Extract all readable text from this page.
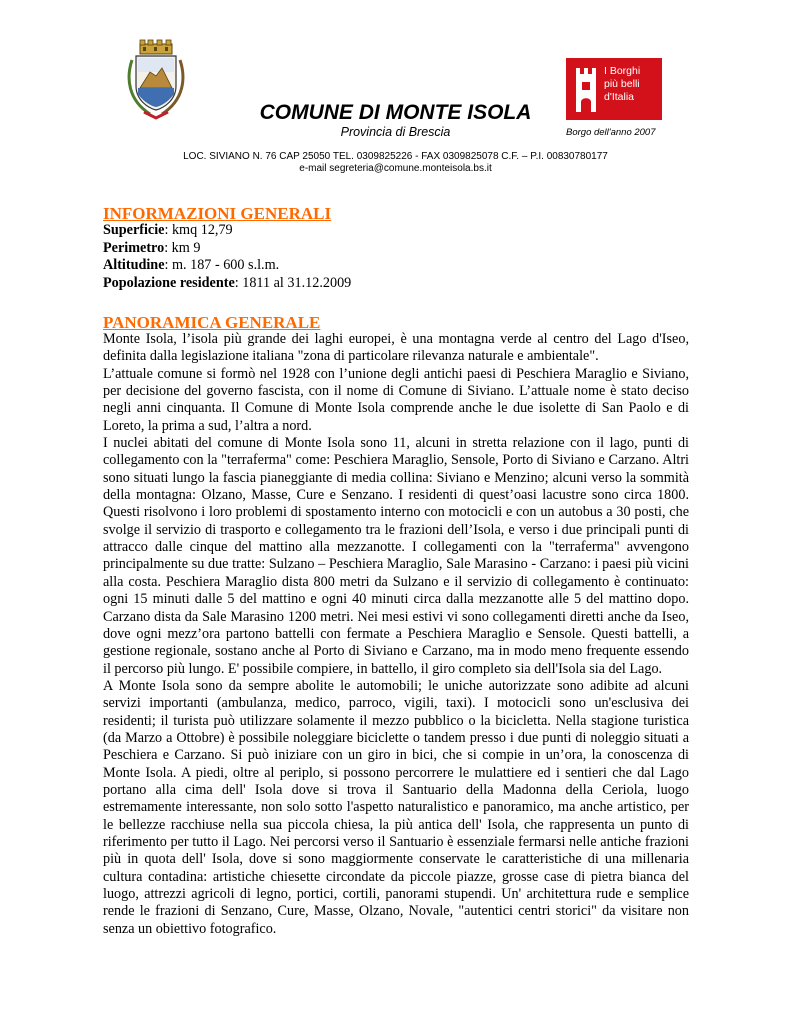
I Borghi
più belli
d'Italia
COMUNE DI MONTE ISOLA
Provincia di Brescia	Borgo dell'anno 2007
LOC. SIVIANO N. 76 CAP 25050 TEL. 0309825226 - FAX 0309825078 C.F. – P.I. 00830780177
e-mail segreteria@comune.monteisola.bs.it
INFORMAZIONI GENERALI
Superficie: kmq 12,79
Perimetro: km 9
Altitudine: m. 187 - 600 s.l.m.
Popolazione residente: 1811 al 31.12.2009
PANORAMICA GENERALE

Monte Isola, l’isola più grande dei laghi europei, è una montagna verde al centro del Lago d'Iseo, definita dalla legislazione italiana "zona di particolare rilevanza naturale e ambientale".

L’attuale comune si formò nel 1928 con l’unione degli antichi paesi di Peschiera Maraglio e Siviano, per decisione del governo fascista, con il nome di Comune di Siviano. L’attuale nome è stato deciso negli anni cinquanta. Il Comune di Monte Isola comprende anche le due isolette di San Paolo e di Loreto, la prima a sud, l’altra a nord.

I nuclei abitati del comune di Monte Isola sono 11, alcuni in stretta relazione con il lago, punti di collegamento con la "terraferma" come: Peschiera Maraglio, Sensole, Porto di Siviano e Carzano. Altri sono situati lungo la fascia pianeggiante di media collina: Siviano e Menzino; alcuni verso la sommità della montagna: Olzano, Masse, Cure e Senzano. I residenti di quest’oasi lacustre sono circa 1800. Questi risolvono i loro problemi di spostamento interno con motocicli e con un autobus a 30 posti, che svolge il servizio di trasporto e collegamento tra le frazioni dell’Isola, e verso i due principali punti di attracco dalle cinque del mattino alla mezzanotte. I collegamenti con la "terraferma" avvengono principalmente su due tratte: Sulzano – Peschiera Maraglio, Sale Marasino - Carzano: i paesi più vicini alla costa. Peschiera Maraglio dista 800 metri da Sulzano e il servizio di collegamento è continuato: ogni 15 minuti dalle 5 del mattino e ogni 40 minuti circa dalla mezzanotte alle 5 del mattino dopo. Carzano dista da Sale Marasino 1200 metri. Nei mesi estivi vi sono collegamenti diretti anche da Iseo, dove ogni mezz’ora partono battelli con fermate a Peschiera Maraglio e Sensole. Questi battelli, a gestione regionale, sostano anche al Porto di Siviano e Carzano, ma in modo meno frequente essendo il percorso più lungo. E' possibile compiere, in battello, il giro completo sia dell'Isola sia del Lago.

A Monte Isola sono da sempre abolite le automobili; le uniche autorizzate sono adibite ad alcuni servizi importanti (ambulanza, medico, parroco, vigili, taxi). I motocicli sono un'esclusiva dei residenti; il turista può utilizzare solamente il mezzo pubblico o la bicicletta. Nella stagione turistica (da Marzo a Ottobre) è possibile noleggiare biciclette o tandem presso i due punti di noleggio situati a Peschiera e Carzano. Si può iniziare con un giro in bici, che si compie in un’ora, la conoscenza di Monte Isola. A piedi, oltre al periplo, si possono percorrere le mulattiere ed i sentieri che dal Lago portano alla cima dell' Isola dove si trova il Santuario della Madonna della Ceriola, luogo estremamente interessante, non solo sotto l'aspetto naturalistico e panoramico, ma anche artistico, per le bellezze racchiuse nella sua piccola chiesa, la più antica dell' Isola, che rappresenta un punto di riferimento per tutto il Lago. Nei percorsi verso il Santuario è essenziale fermarsi nelle antiche frazioni più in quota dell' Isola, dove si sono maggiormente conservate le caratteristiche di una millenaria cultura contadina: artistiche chiesette circondate da piccole piazze, grosse case di pietra bianca del luogo, attrezzi agricoli di legno, portici, cortili, panorami stupendi. Un' architettura rude e semplice rende le frazioni di Senzano, Cure, Masse, Olzano, Novale, "autentici centri storici" da visitare non senza un obiettivo fotografico.
